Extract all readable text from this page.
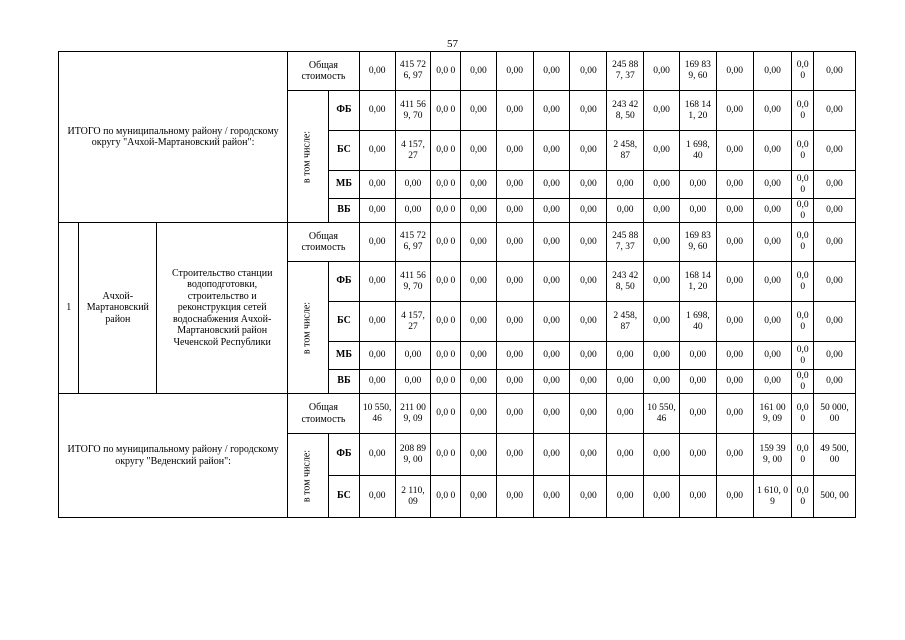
57
ИТОГО по муниципальному району / городскому округу "Ачхой-Мартановский район":			Общая стоимость		0,00	415 726, 97	0,0 0	0,00	0,00	0,00	0,00	245 887, 37	0,00	169 839, 60	0,00	0,00	0,0 0	0,00

			в том числе:	ФБ	0,00	411 569, 70	0,0 0	0,00	0,00	0,00	0,00	243 428, 50	0,00	168 141, 20	0,00	0,00	0,0 0	0,00
				БС	0,00	4 157, 27	0,0 0	0,00	0,00	0,00	0,00	2 458, 87	0,00	1 698, 40	0,00	0,00	0,0 0	0,00
				МБ	0,00	0,00	0,0 0	0,00	0,00	0,00	0,00	0,00	0,00	0,00	0,00	0,00	0,0 0	0,00
				ВБ	0,00	0,00	0,0 0	0,00	0,00	0,00	0,00	0,00	0,00	0,00	0,00	0,00	0,0 0	0,00
1	Ачхой-Мартановский район	Строительство станции водоподготовки, строительство и реконструкция сетей водоснабжения Ачхой-Мартановский район Чеченской Республики	Общая стоимость		0,00	415 726, 97	0,0 0	0,00	0,00	0,00	0,00	245 887, 37	0,00	169 839, 60	0,00	0,00	0,0 0	0,00

			в том числе:	ФБ	0,00	411 569, 70	0,0 0	0,00	0,00	0,00	0,00	243 428, 50	0,00	168 141, 20	0,00	0,00	0,0 0	0,00
				БС	0,00	4 157, 27	0,0 0	0,00	0,00	0,00	0,00	2 458, 87	0,00	1 698, 40	0,00	0,00	0,0 0	0,00
				МБ	0,00	0,00	0,0 0	0,00	0,00	0,00	0,00	0,00	0,00	0,00	0,00	0,00	0,0 0	0,00
				ВБ	0,00	0,00	0,0 0	0,00	0,00	0,00	0,00	0,00	0,00	0,00	0,00	0,00	0,0 0	0,00
ИТОГО по муниципальному району / городскому округу "Веденский район":			Общая стоимость		10 550, 46	211 009, 09	0,0 0	0,00	0,00	0,00	0,00	0,00	10 550, 46	0,00	0,00	161 009, 09	0,0 0	50 000, 00

			в том числе:	ФБ	0,00	208 899, 00	0,0 0	0,00	0,00	0,00	0,00	0,00	0,00	0,00	0,00	159 399, 00	0,0 0	49 500, 00
				БС	0,00	2 110, 09	0,0 0	0,00	0,00	0,00	0,00	0,00	0,00	0,00	0,00	1 610, 09	0,0 0	500, 00
